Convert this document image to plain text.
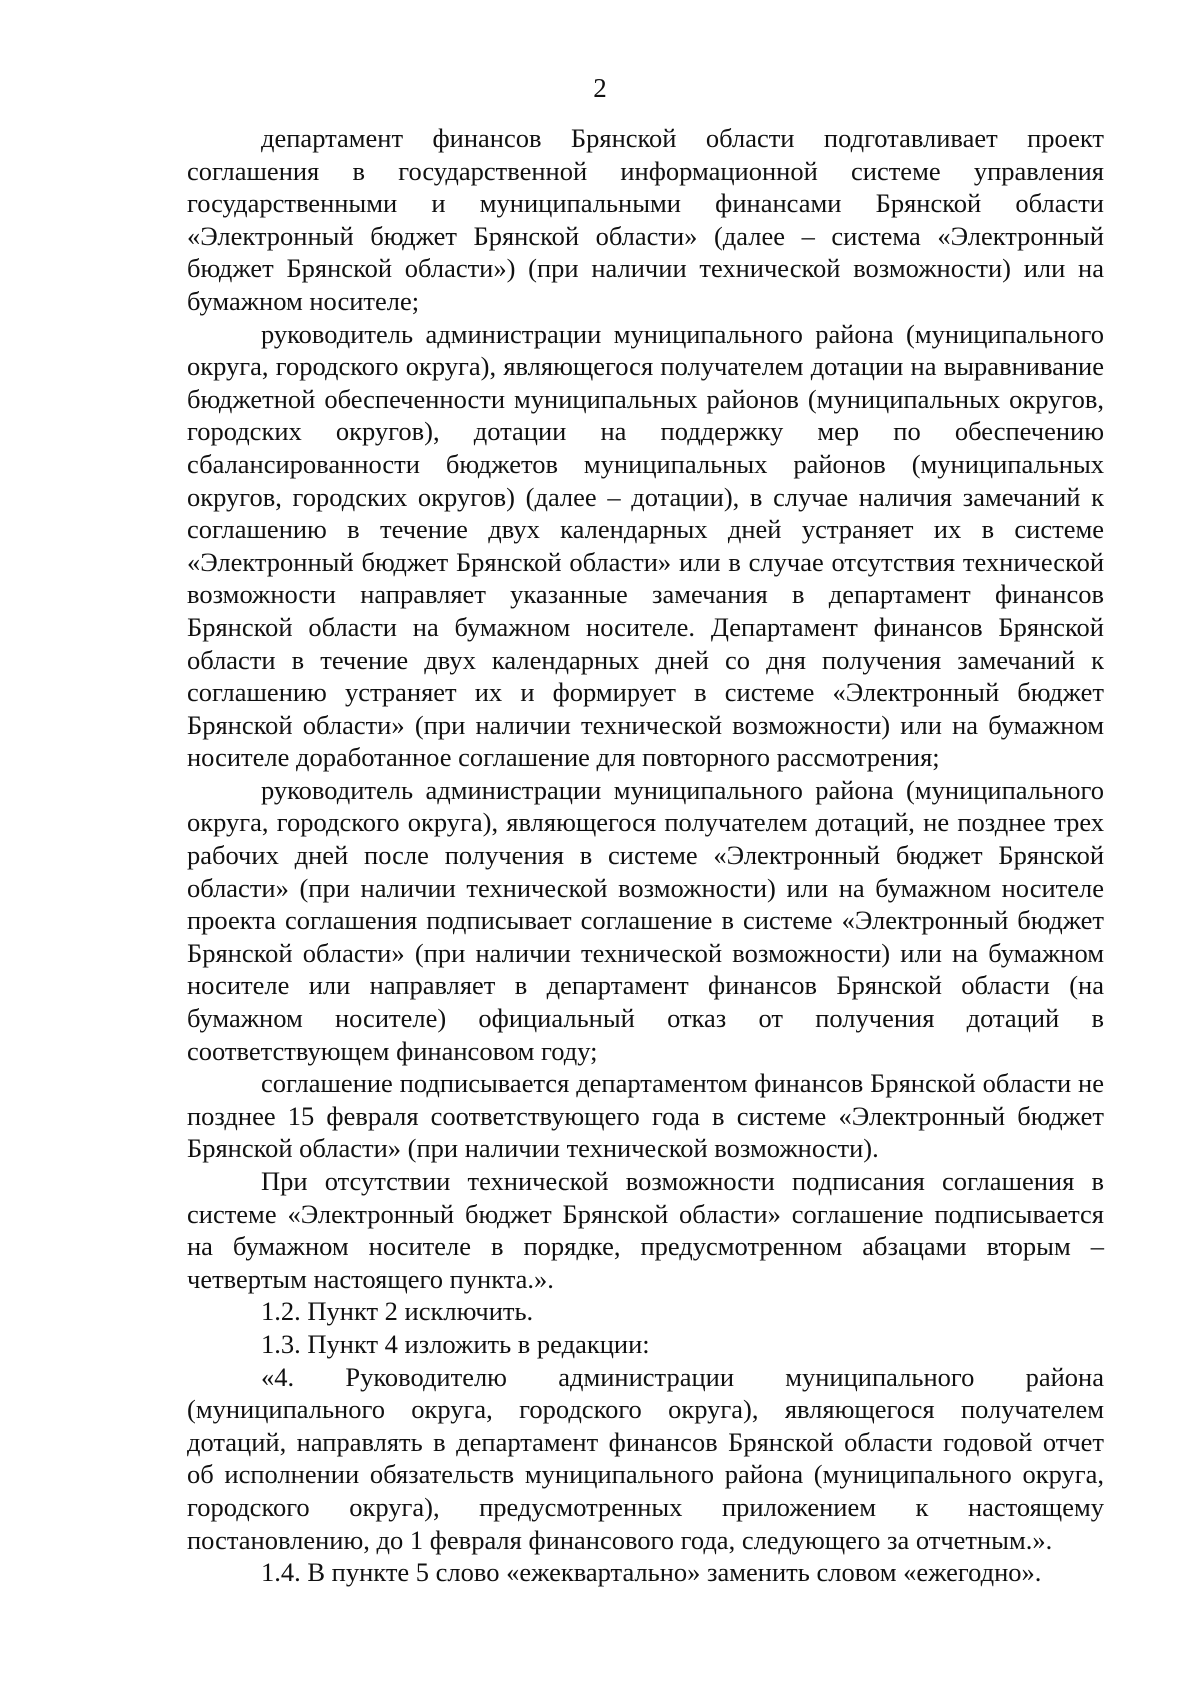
2

департамент финансов Брянской области подготавливает проект соглашения в государственной информационной системе управления государственными и муниципальными финансами Брянской области «Электронный бюджет Брянской области» (далее – система «Электронный бюджет Брянской области») (при наличии технической возможности) или на бумажном носителе;

руководитель администрации муниципального района (муниципального округа, городского округа), являющегося получателем дотации на выравнивание бюджетной обеспеченности муниципальных районов (муниципальных округов, городских округов), дотации на поддержку мер по обеспечению сбалансированности бюджетов муниципальных районов (муниципальных округов, городских округов) (далее – дотации), в случае наличия замечаний к соглашению в течение двух календарных дней устраняет их в системе «Электронный бюджет Брянской области» или в случае отсутствия технической возможности направляет указанные замечания в департамент финансов Брянской области на бумажном носителе. Департамент финансов Брянской области в течение двух календарных дней со дня получения замечаний к соглашению устраняет их и формирует в системе «Электронный бюджет Брянской области» (при наличии технической возможности) или на бумажном носителе доработанное соглашение для повторного рассмотрения;

руководитель администрации муниципального района (муниципального округа, городского округа), являющегося получателем дотаций, не позднее трех рабочих дней после получения в системе «Электронный бюджет Брянской области» (при наличии технической возможности) или на бумажном носителе проекта соглашения подписывает соглашение в системе «Электронный бюджет Брянской области» (при наличии технической возможности) или на бумажном носителе или направляет в департамент финансов Брянской области (на бумажном носителе) официальный отказ от получения дотаций в соответствующем финансовом году;

соглашение подписывается департаментом финансов Брянской области не позднее 15 февраля соответствующего года в системе «Электронный бюджет Брянской области» (при наличии технической возможности).

При отсутствии технической возможности подписания соглашения в системе «Электронный бюджет Брянской области» соглашение подписывается на бумажном носителе в порядке, предусмотренном абзацами вторым – четвертым настоящего пункта.».

1.2. Пункт 2 исключить.

1.3. Пункт 4 изложить в редакции:

«4. Руководителю администрации муниципального района (муниципального округа, городского округа), являющегося получателем дотаций, направлять в департамент финансов Брянской области годовой отчет об исполнении обязательств муниципального района (муниципального округа, городского округа), предусмотренных приложением к настоящему постановлению, до 1 февраля финансового года, следующего за отчетным.».

1.4. В пункте 5 слово «ежеквартально» заменить словом «ежегодно».
